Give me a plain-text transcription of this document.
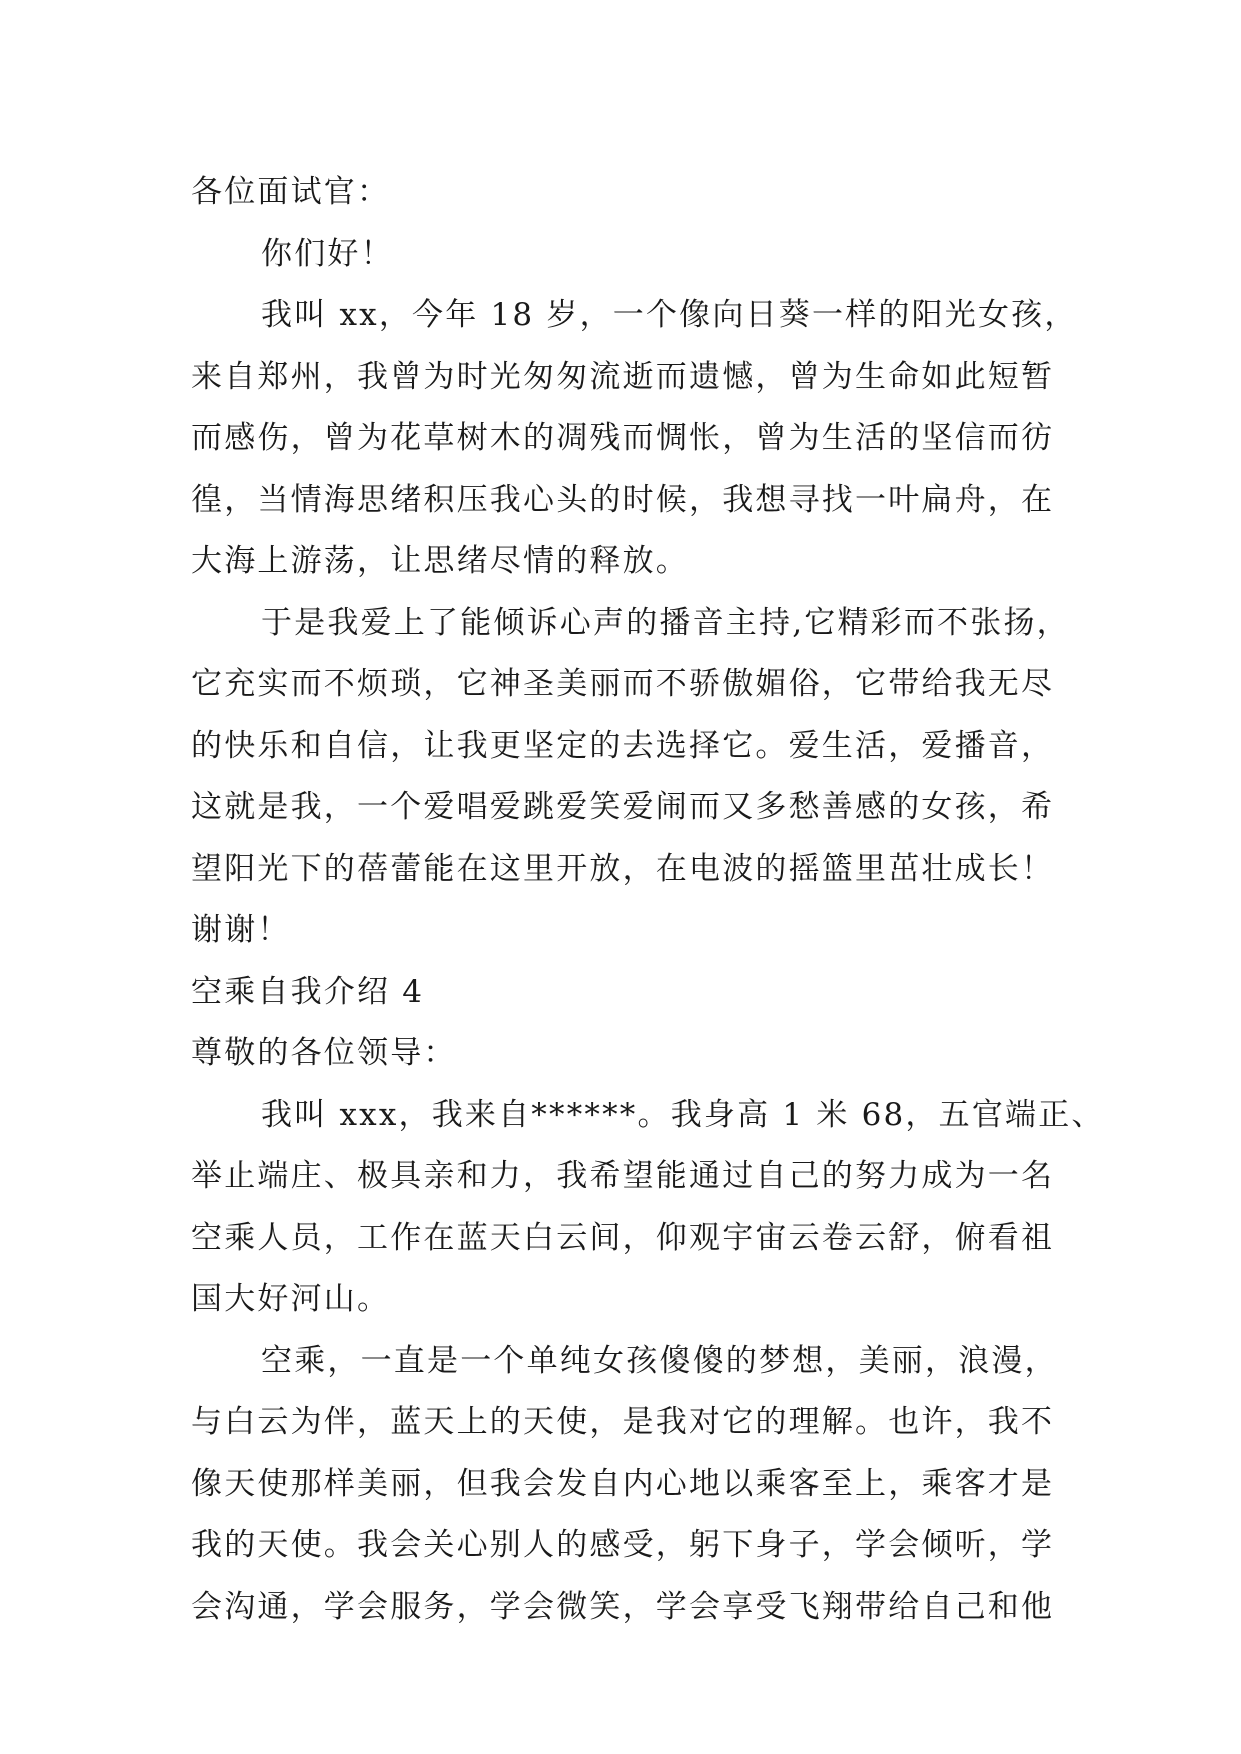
各位面试官：
你们好！
我叫 xx，今年 18 岁，一个像向日葵一样的阳光女孩，
来自郑州，我曾为时光匆匆流逝而遗憾，曾为生命如此短暂
而感伤，曾为花草树木的凋残而惆怅，曾为生活的坚信而彷
徨，当情海思绪积压我心头的时候，我想寻找一叶扁舟，在
大海上游荡，让思绪尽情的释放。
于是我爱上了能倾诉心声的播音主持,它精彩而不张扬，
它充实而不烦琐，它神圣美丽而不骄傲媚俗，它带给我无尽
的快乐和自信，让我更坚定的去选择它。爱生活，爱播音，
这就是我，一个爱唱爱跳爱笑爱闹而又多愁善感的女孩，希
望阳光下的蓓蕾能在这里开放，在电波的摇篮里茁壮成长！
谢谢！
空乘自我介绍 4
尊敬的各位领导：
我叫 xxx，我来自******。我身高 1 米 68，五官端正、
举止端庄、极具亲和力，我希望能通过自己的努力成为一名
空乘人员，工作在蓝天白云间，仰观宇宙云卷云舒，俯看祖
国大好河山。
空乘，一直是一个单纯女孩傻傻的梦想，美丽，浪漫，
与白云为伴，蓝天上的天使，是我对它的理解。也许，我不
像天使那样美丽，但我会发自内心地以乘客至上，乘客才是
我的天使。我会关心别人的感受，躬下身子，学会倾听，学
会沟通，学会服务，学会微笑，学会享受飞翔带给自己和他
